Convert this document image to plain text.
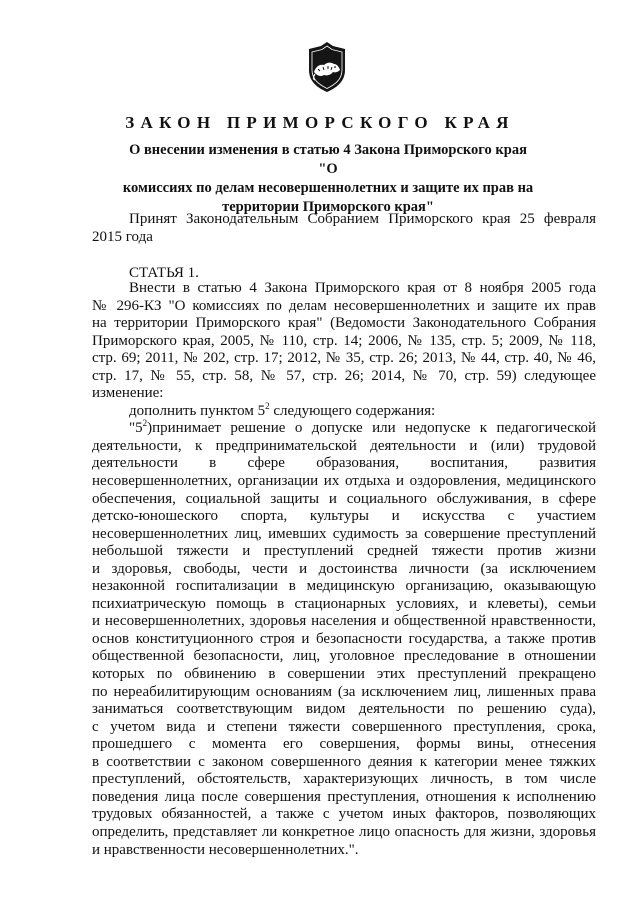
ЗАКОН ПРИМОРСКОГО КРАЯ
О внесении изменения в статью 4 Закона Приморского края "О
комиссиях по делам несовершеннолетних и защите их прав на
территории Приморского края"
Принят Законодательным Собранием Приморского края 25 февраля
2015 года
СТАТЬЯ 1.
Внести в статью 4 Закона Приморского края от 8 ноября 2005 года
№ 296-КЗ "О комиссиях по делам несовершеннолетних и защите их прав
на территории Приморского края" (Ведомости Законодательного Собрания
Приморского края, 2005, № 110, стр. 14; 2006, № 135, стр. 5; 2009, № 118,
стр. 69; 2011, № 202, стр. 17; 2012, № 35, стр. 26; 2013, № 44, стр. 40, № 46,
стр. 17, № 55, стр. 58, № 57, стр. 26; 2014, № 70, стр. 59) следующее
изменение:
дополнить пунктом $5^2$ следующего содержания:
"$5^2)принимает$ решение о допуске или недопуске к педагогической
деятельности, к предпринимательской деятельности и (или) трудовой
деятельности в сфере образования, воспитания, развития
несовершеннолетних, организации их отдыха и оздоровления, медицинского
обеспечения, социальной защиты и социального обслуживания, в сфере
детско-юношеского спорта, культуры и искусства с участием
несовершеннолетних лиц, имевших судимость за совершение преступлений
небольшой тяжести и преступлений средней тяжести против жизни
и здоровья, свободы, чести и достоинства личности (за исключением
незаконной госпитализации в медицинскую организацию, оказывающую
психиатрическую помощь в стационарных условиях, и клеветы), семьи
и несовершеннолетних, здоровья населения и общественной нравственности,
основ конституционного строя и безопасности государства, а также против
общественной безопасности, лиц, уголовное преследование в отношении
которых по обвинению в совершении этих преступлений прекращено
по нереабилитирующим основаниям (за исключением лиц, лишенных права
заниматься соответствующим видом деятельности по решению суда),
с учетом вида и степени тяжести совершенного преступления, срока,
прошедшего с момента его совершения, формы вины, отнесения
в соответствии с законом совершенного деяния к категории менее тяжких
преступлений, обстоятельств, характеризующих личность, в том числе
поведения лица после совершения преступления, отношения к исполнению
трудовых обязанностей, а также с учетом иных факторов, позволяющих
определить, представляет ли конкретное лицо опасность для жизни, здоровья
и нравственности несовершеннолетних.".
